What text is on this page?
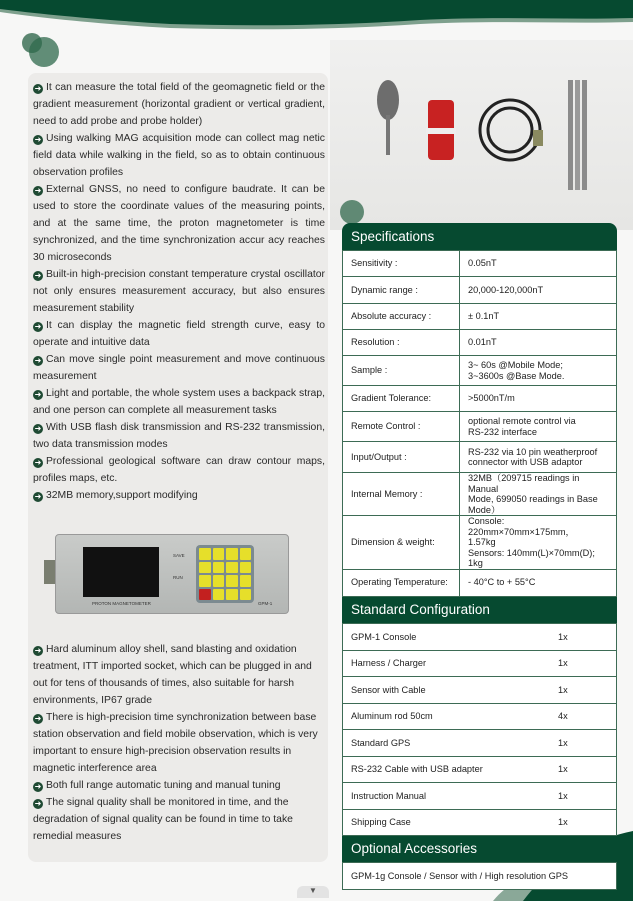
➜ It can measure the total field of the geomagnetic field or the gradient measurement (horizontal gradient or vertical gradient, need to add probe and probe holder)

➜ Using walking MAG acquisition mode can collect mag netic field data while walking in the field, so as to obtain continuous observation profiles

➜ External GNSS, no need to configure baudrate. It can be used to store the coordinate values of the measuring points, and at the same time, the proton magnetometer is time synchronized, and the time synchronization accur acy reaches 30 microseconds

➜ Built-in high-precision constant temperature crystal oscillator not only ensures measurement accuracy, but also ensures measurement stability

➜ It can display the magnetic field strength curve, easy to operate and intuitive data

➜ Can move single point measurement and move continuous measurement

➜ Light and portable, the whole system uses a backpack strap, and one person can complete all measurement tasks

➜ With USB flash disk transmission and RS-232 transmission, two data transmission modes

➜ Professional geological software can draw contour maps, profiles maps, etc.

➜ 32MB memory,support modifying

SAVE
RUN
PROTON MAGNETOMETER	GPM-1

➜ Hard aluminum alloy shell, sand blasting and oxidation treatment, ITT imported socket, which can be plugged in and out for tens of thousands of times, also suitable for harsh environments, IP67 grade

➜ There is high-precision time synchronization between base station observation and field mobile observation, which is very important to ensure high-precision observation results in magnetic interference area

➜ Both full range automatic tuning and manual tuning

➜ The signal quality shall be monitored in time, and the degradation of signal quality can be found in time to take remedial measures

Specifications
Sensitivity :	0.05nT
Dynamic range :	20,000-120,000nT
Absolute accuracy :	± 0.1nT
Resolution :	0.01nT
Sample :	3~ 60s @Mobile Mode;
3~3600s @Base Mode.
Gradient Tolerance:	>5000nT/m
Remote Control :	optional remote control via
RS-232 interface
Input/Output :	RS-232 via 10 pin weatherproof
connector with USB adaptor
Internal Memory :	32MB（209715 readings in Manual
Mode, 699050 readings in Base Mode）
Dimension & weight:	Console: 220mm×70mm×175mm，
1.57kg
Sensors: 140mm(L)×70mm(D); 1kg
Operating Temperature:	- 40°C to + 55°C
Standard Configuration
GPM-1 Console	1x
Harness / Charger	1x
Sensor with Cable	1x
Aluminum rod 50cm	4x
Standard GPS	1x
RS-232 Cable with USB adapter	1x
Instruction Manual	1x
Shipping Case	1x
Optional Accessories
GPM-1g Console / Sensor with / High resolution GPS
▼
